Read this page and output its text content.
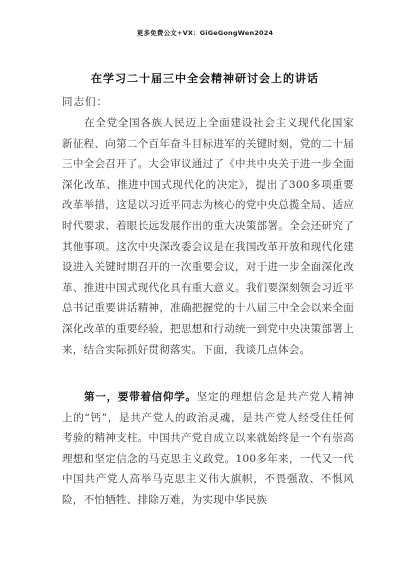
更多免费公文+VX：GiGeGongWen2024
在学习二十届三中全会精神研讨会上的讲话
同志们：

在全党全国各族人民迈上全面建设社会主义现代化国家新征程、向第二个百年奋斗目标进军的关键时刻，党的二十届三中全会召开了。大会审议通过了《中共中央关于进一步全面深化改革、推进中国式现代化的决定》，提出了300多项重要改革举措，这是以习近平同志为核心的党中央总揽全局、适应时代要求、着眼长远发展作出的重大决策部署。全会还研究了其他事项。这次中央深改委会议是在我国改革开放和现代化建设进入关键时期召开的一次重要会议，对于进一步全面深化改革、推进中国式现代化具有重大意义。我们要深刻领会习近平总书记重要讲话精神，准确把握党的十八届三中全会以来全面深化改革的重要经验，把思想和行动统一到党中央决策部署上来，结合实际抓好贯彻落实。下面，我谈几点体会。

第一，要带着信仰学。坚定的理想信念是共产党人精神上的“钙”，是共产党人的政治灵魂，是共产党人经受住任何考验的精神支柱。中国共产党自成立以来就始终是一个有崇高理想和坚定信念的马克思主义政党。100多年来，一代又一代中国共产党人高举马克思主义伟大旗帜，不畏强敌、不惧风险，不怕牺牲、排除万难，为实现中华民族
